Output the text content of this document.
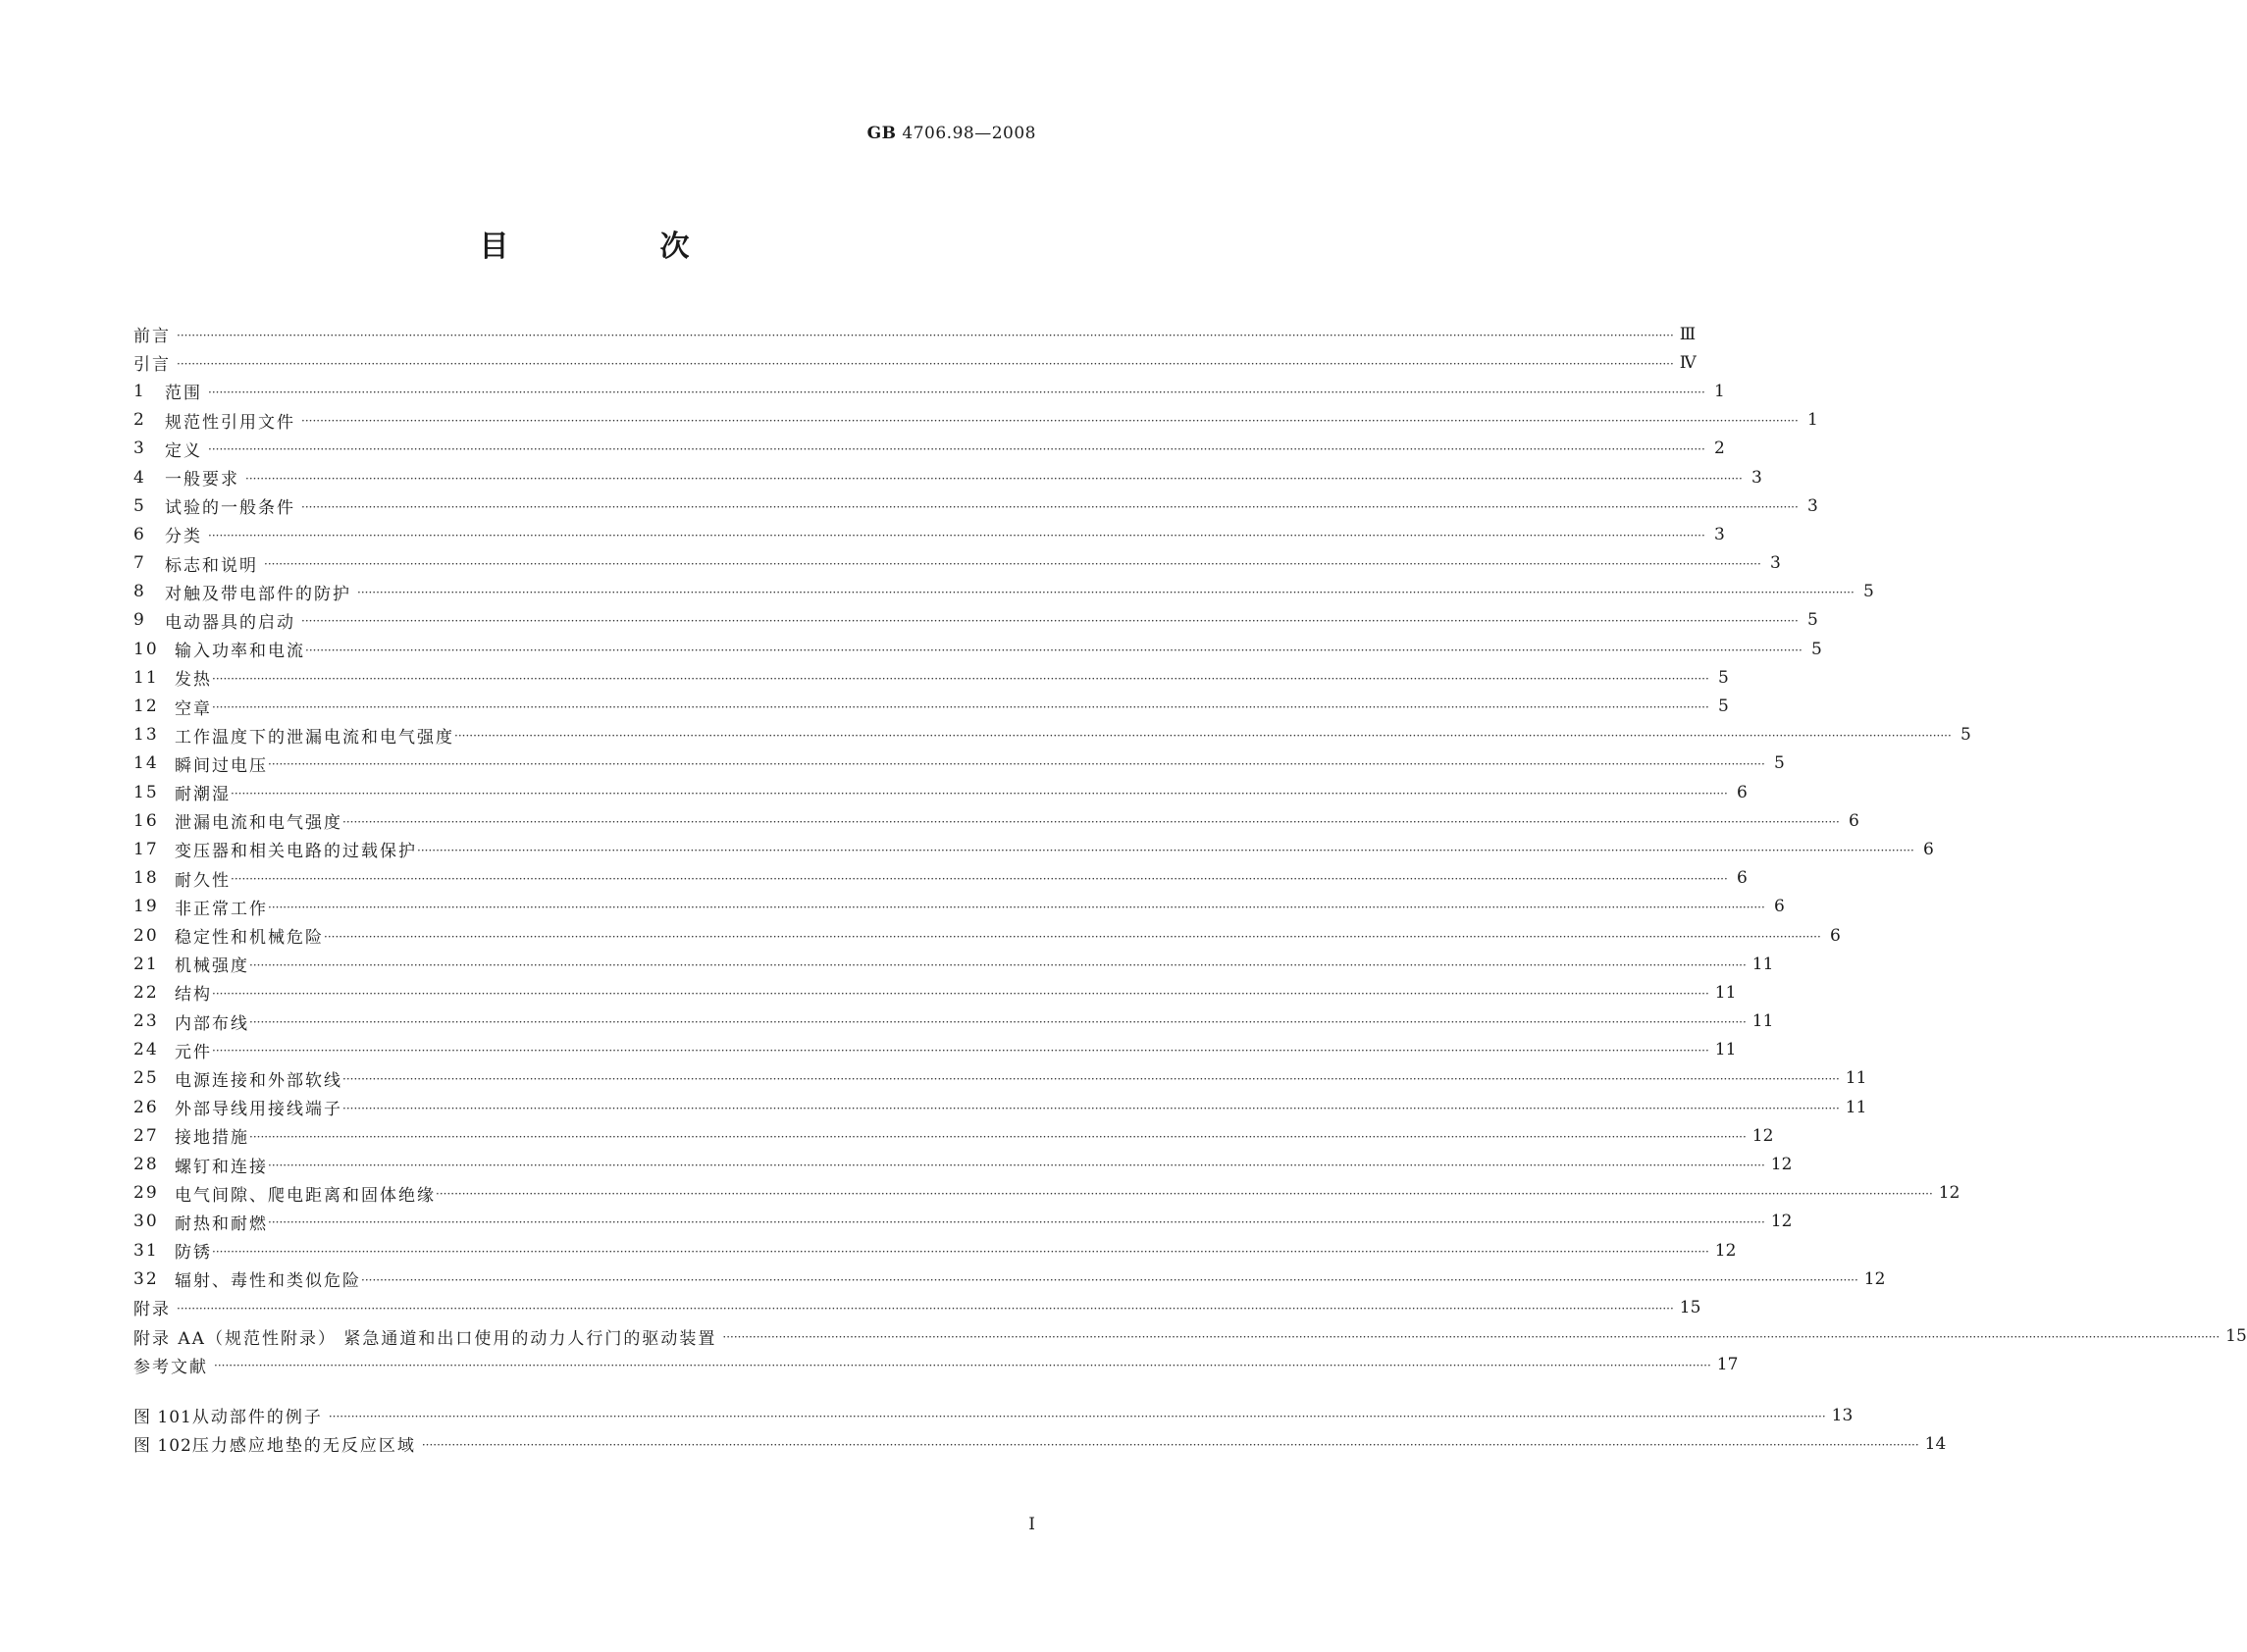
GB 4706.98—2008
目　次
前言 ················································································································································································································································································································································································································ Ⅲ
引言 ················································································································································································································································································································································································································ Ⅳ
1	范围 ················································································································································································································································································································································································································ 1
2	规范性引用文件 ················································································································································································································································································································································································································ 1
3	定义 ················································································································································································································································································································································································································ 2
4	一般要求 ················································································································································································································································································································································································································ 3
5	试验的一般条件 ················································································································································································································································································································································································································ 3
6	分类 ················································································································································································································································································································································································································ 3
7	标志和说明 ················································································································································································································································································································································································································ 3
8	对触及带电部件的防护 ················································································································································································································································································································································································································ 5
9	电动器具的启动 ················································································································································································································································································································································································································ 5
10 输入功率和电流 ················································································································································································································································································································································································································ 5
11 发热 ················································································································································································································································································································································································································ 5
12 空章 ················································································································································································································································································································································································································ 5
13 工作温度下的泄漏电流和电气强度 ················································································································································································································································································································································································································ 5
14 瞬间过电压 ················································································································································································································································································································································································································ 5
15 耐潮湿 ················································································································································································································································································································································································································ 6
16 泄漏电流和电气强度 ················································································································································································································································································································································································································ 6
17 变压器和相关电路的过载保护 ················································································································································································································································································································································································································ 6
18 耐久性 ················································································································································································································································································································································································································ 6
19 非正常工作 ················································································································································································································································································································································································································ 6
20 稳定性和机械危险 ················································································································································································································································································································································································································ 6
21 机械强度 ················································································································································································································································································································································································································ 11
22 结构 ················································································································································································································································································································································································································ 11
23 内部布线 ················································································································································································································································································································································································································ 11
24 元件 ················································································································································································································································································································································································································ 11
25 电源连接和外部软线 ················································································································································································································································································································································································································ 11
26 外部导线用接线端子 ················································································································································································································································································································································································································ 11
27 接地措施 ················································································································································································································································································································································································································ 12
28 螺钉和连接 ················································································································································································································································································································································································································ 12
29 电气间隙、爬电距离和固体绝缘 ················································································································································································································································································································································································································ 12
30 耐热和耐燃 ················································································································································································································································································································································································································ 12
31 防锈 ················································································································································································································································································································································································································ 12
32 辐射、毒性和类似危险 ················································································································································································································································································································································································································ 12
附录 ················································································································································································································································································································································································································ 15
附录 AA（规范性附录） 紧急通道和出口使用的动力人行门的驱动装置 ················································································································································································································································································································································································································ 15
参考文献 ················································································································································································································································································································································································································ 17
图 101 从动部件的例子 ················································································································································································································································································································································································································ 13
图 102 压力感应地垫的无反应区域 ················································································································································································································································································································································································································ 14
Ⅰ
